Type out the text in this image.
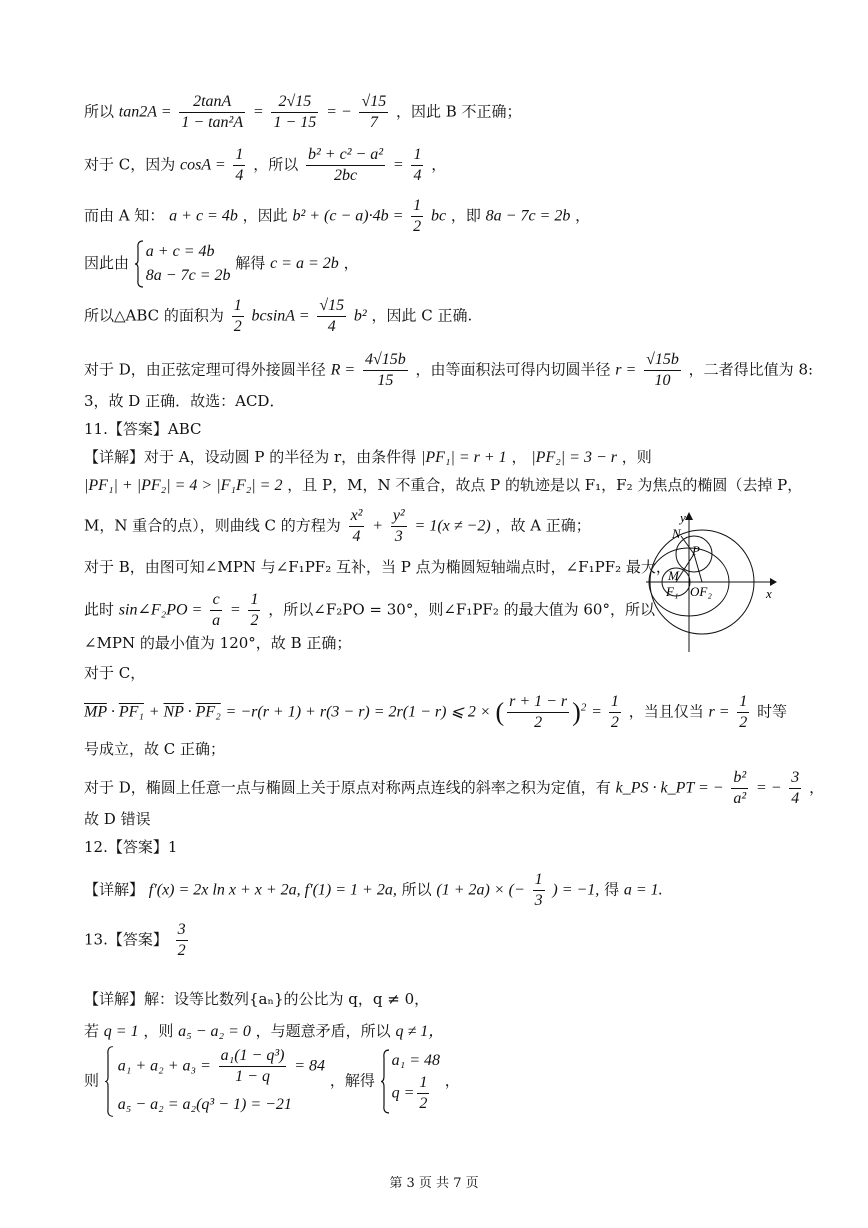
所以 $\tan 2A = \frac{2\tan A}{\text{1 − tan²A}} = \frac{2√15}{1 - 15}$ = − $\frac{√15}{7}$ ，因此 B 不正确；
对于 C，因为 $\cos A = \frac{1}{4}$ ，所以 $\frac{\text{b² + c² − a²}}{2bc} = \frac{1}{4}$ ，
而由 A 知： a + c = 4b ，因此 $b^2 + (c - a)\cdot 4b = \frac{1}{2}$ bc ，即 8a − 7c = 2b ，
因此由
a + c = 4b
8a − 7c = 2b
解得 c = a = 2b ，
所以△ABC 的面积为 $\frac{1}{2}$ $bcsinA = \frac{√15}{4} b^2$ ，因此 C 正确.
对于 D，由正弦定理可得外接圆半径 $R = \frac{4√15b}{15}$ ，由等面积法可得内切圆半径 $r = \frac{√15b}{10}$ ，二者得比值为 8:
3，故 D 正确．故选：ACD．
11.【答案】ABC
【详解】对于 A，设动圆 P 的半径为 r，由条件得 |PF₁| = r + 1 ， |PF₂| = 3 − r ，则
|PF₁| + |PF₂| = 4 > |F₁F₂| = 2 ，且 P，M，N 不重合，故点 P 的轨迹是以 F₁，F₂ 为焦点的椭圆（去掉 P，
M，N 重合的点），则曲线 C 的方程为 $\frac{\text{x²}}{4} + \frac{\text{y²}}{3} = 1(x \ne -2)$ ，故 A 正确；
对于 B，由图可知∠MPN 与∠F₁PF₂ 互补，当 P 点为椭圆短轴端点时，∠F₁PF₂ 最大，
此时 sin∠F₂PO = $\frac{c}{a} = \frac{1}{2}$ ，所以∠F₂PO = 30°，则∠F₁PF₂ 的最大值为 60°，所以
∠MPN 的最小值为 120°，故 B 正确；
对于 C，
$\overline{MP} \cdot PF_1 + \overline{NP} \cdot PF_2 = -r(r + 1) + r(3 - r) = 2r(1 - r)$ ⩽ 2 × ( $\frac{r + 1 - r}{2} )^2 = \frac{1}{2}$ ，当且仅当 $r = \frac{1}{2}$ 时等
号成立，故 C 正确；
对于 D，椭圆上任意一点与椭圆上关于原点对称两点连线的斜率之积为定值，有 k_PS · k_PT = − $\frac{\text{b²}}{\text{a²}}$ = − $\frac{3}{4}$ ，
故 D 错误
12.【答案】1
【详解】 f′(x) = 2x ln x + x + 2a, f′(1) = 1 + 2a, 所以 (1 + 2a) × (− $\frac{1}{3}$ ) = −1, 得 a = 1.
13.【答案】 $\frac{3}{2}$
【详解】解：设等比数列{aₙ}的公比为 q，q ≠ 0，
若 q = 1 ，则 a₅ − a₂ = 0 ，与题意矛盾，所以 q ≠ 1，
则
$a_1 + a_2 + a_3 = \frac{\text{a₁(1 − q³)}}{1 - q} = 84$
a₅ − a₂ = a₂(q³ − 1) = −21
，解得
a₁ = 48
$q = \frac{1}{2}$ ，
y
x
N
P
M
F₁ OF₂
第 3 页 共 7 页
